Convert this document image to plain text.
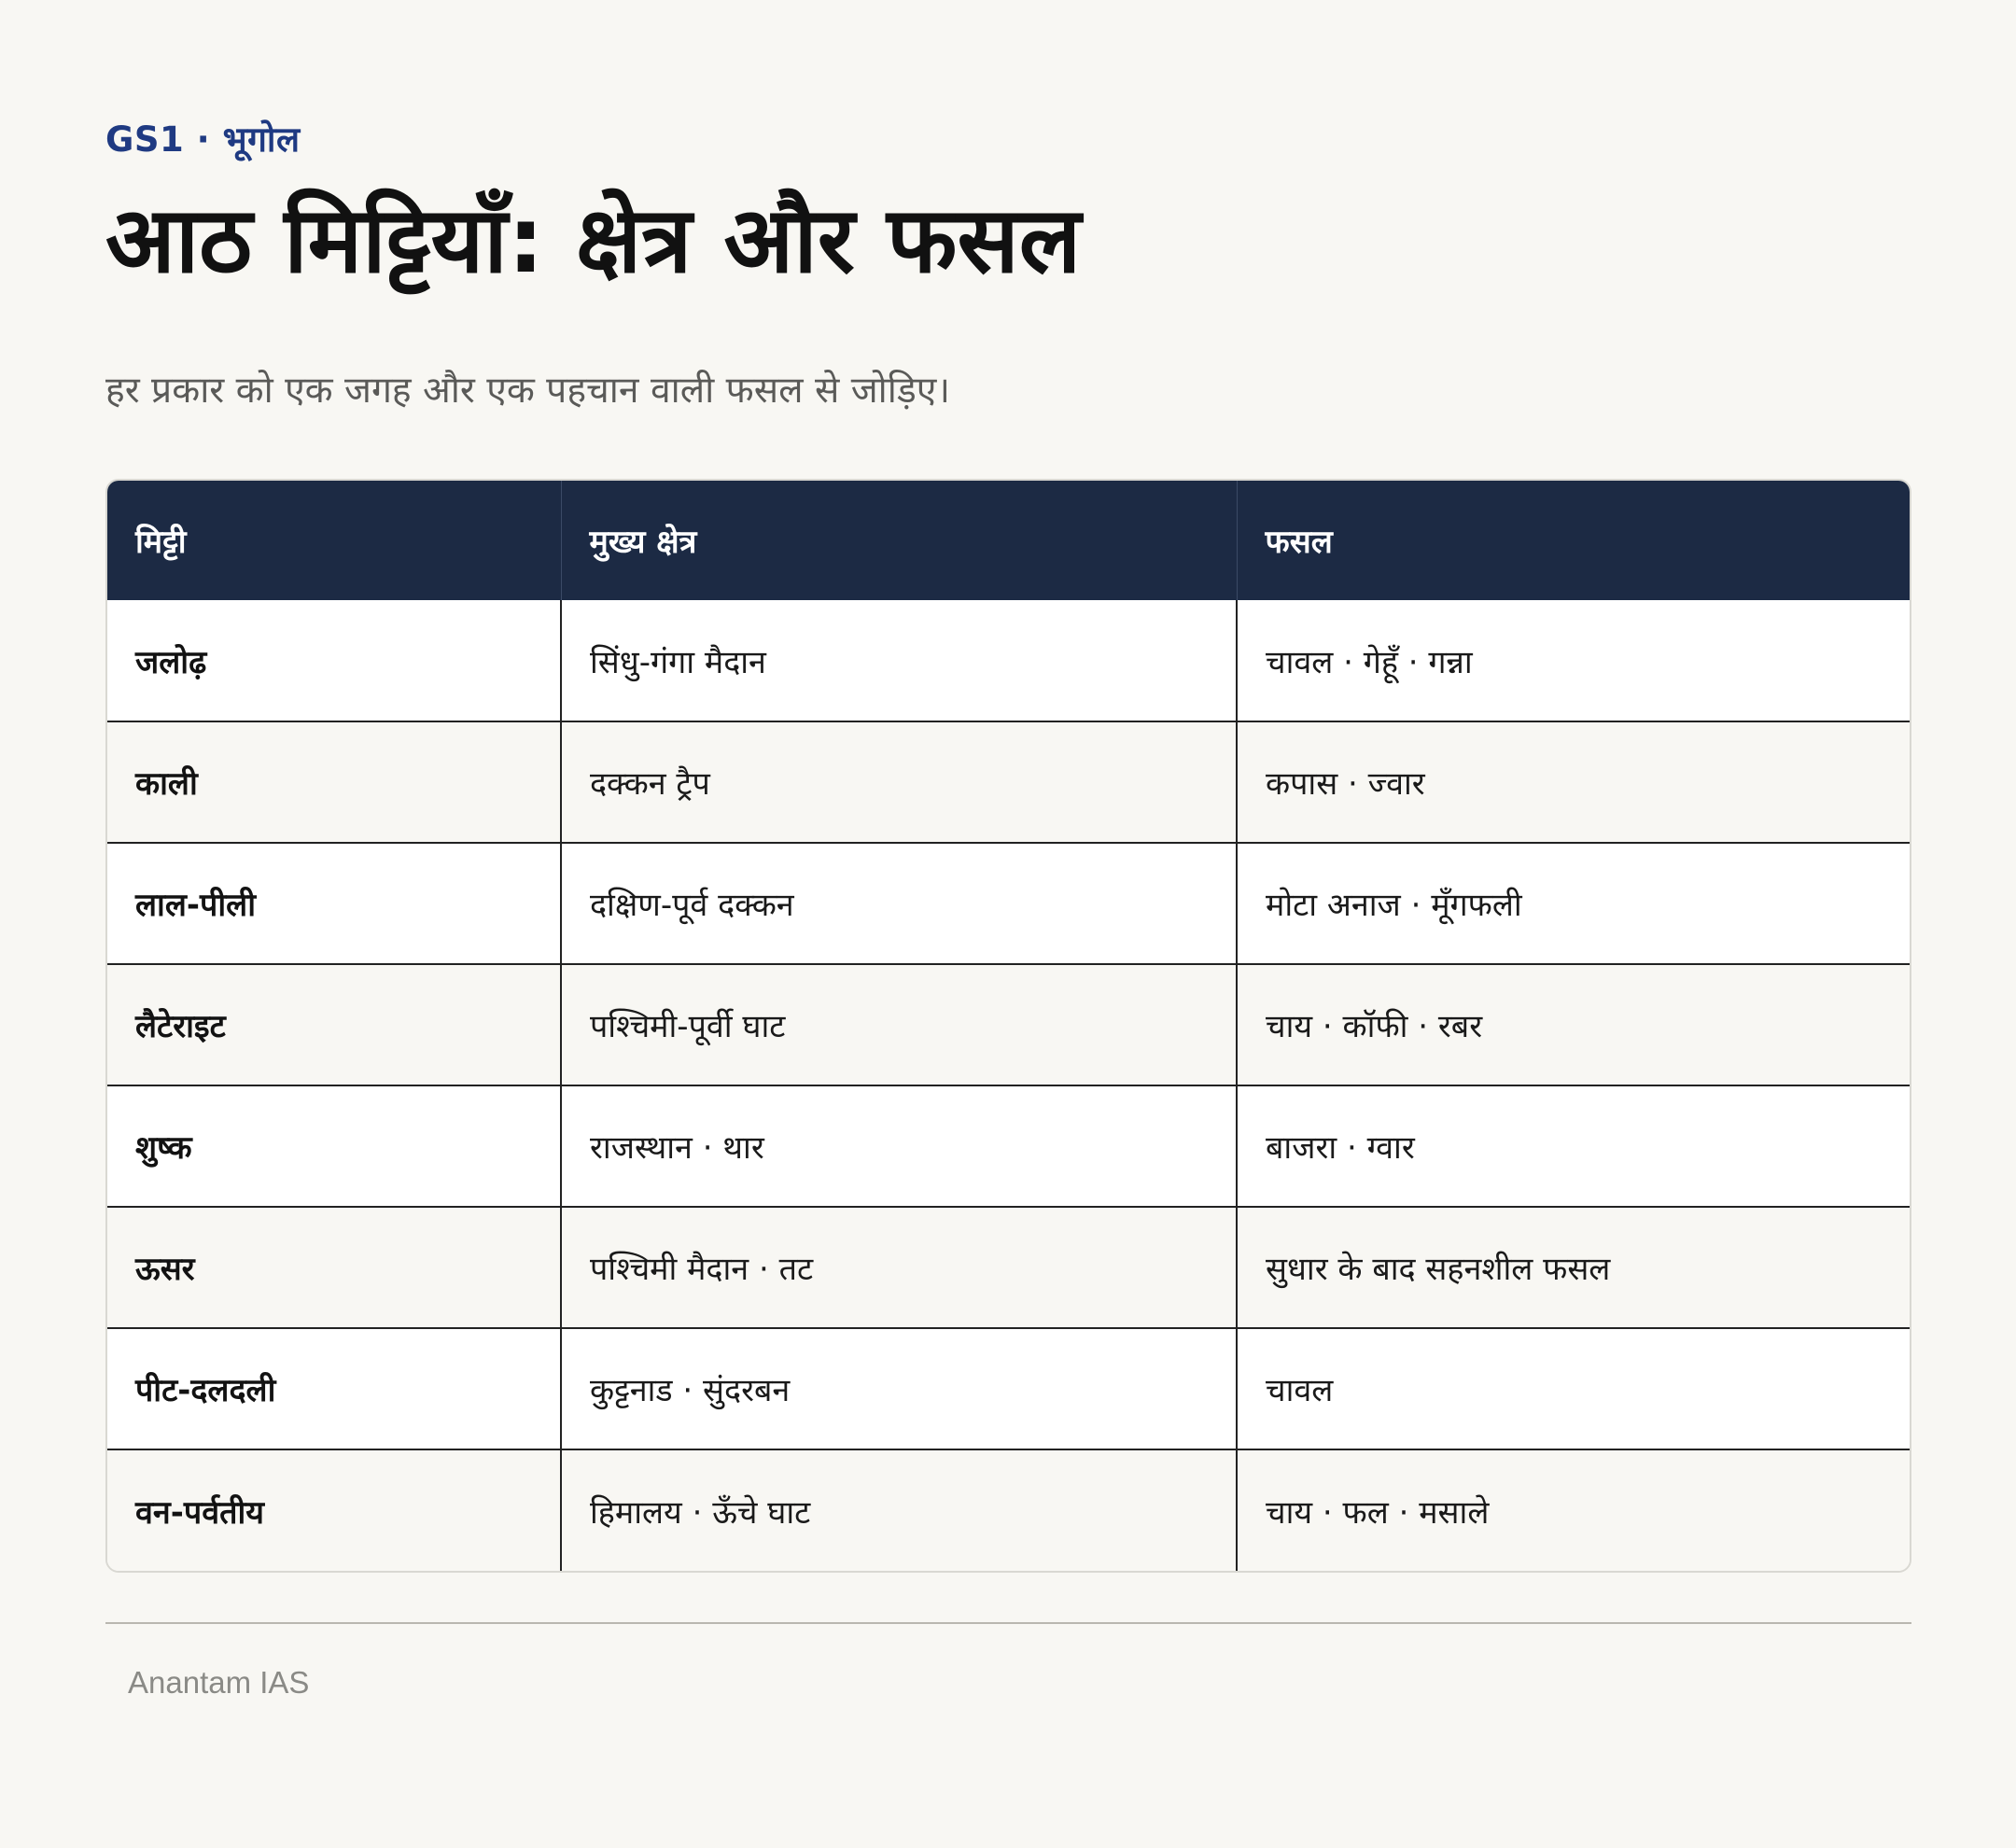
GS1 · भूगोल
आठ मिट्टियाँ: क्षेत्र और फसल
हर प्रकार को एक जगह और एक पहचान वाली फसल से जोड़िए।
मिट्टी	मुख्य क्षेत्र	फसल
जलोढ़	सिंधु-गंगा मैदान	चावल · गेहूँ · गन्ना
काली	दक्कन ट्रैप	कपास · ज्वार
लाल-पीली	दक्षिण-पूर्व दक्कन	मोटा अनाज · मूँगफली
लैटेराइट	पश्चिमी-पूर्वी घाट	चाय · कॉफी · रबर
शुष्क	राजस्थान · थार	बाजरा · ग्वार
ऊसर	पश्चिमी मैदान · तट	सुधार के बाद सहनशील फसल
पीट-दलदली	कुट्टनाड · सुंदरबन	चावल
वन-पर्वतीय	हिमालय · ऊँचे घाट	चाय · फल · मसाले
Anantam IAS
